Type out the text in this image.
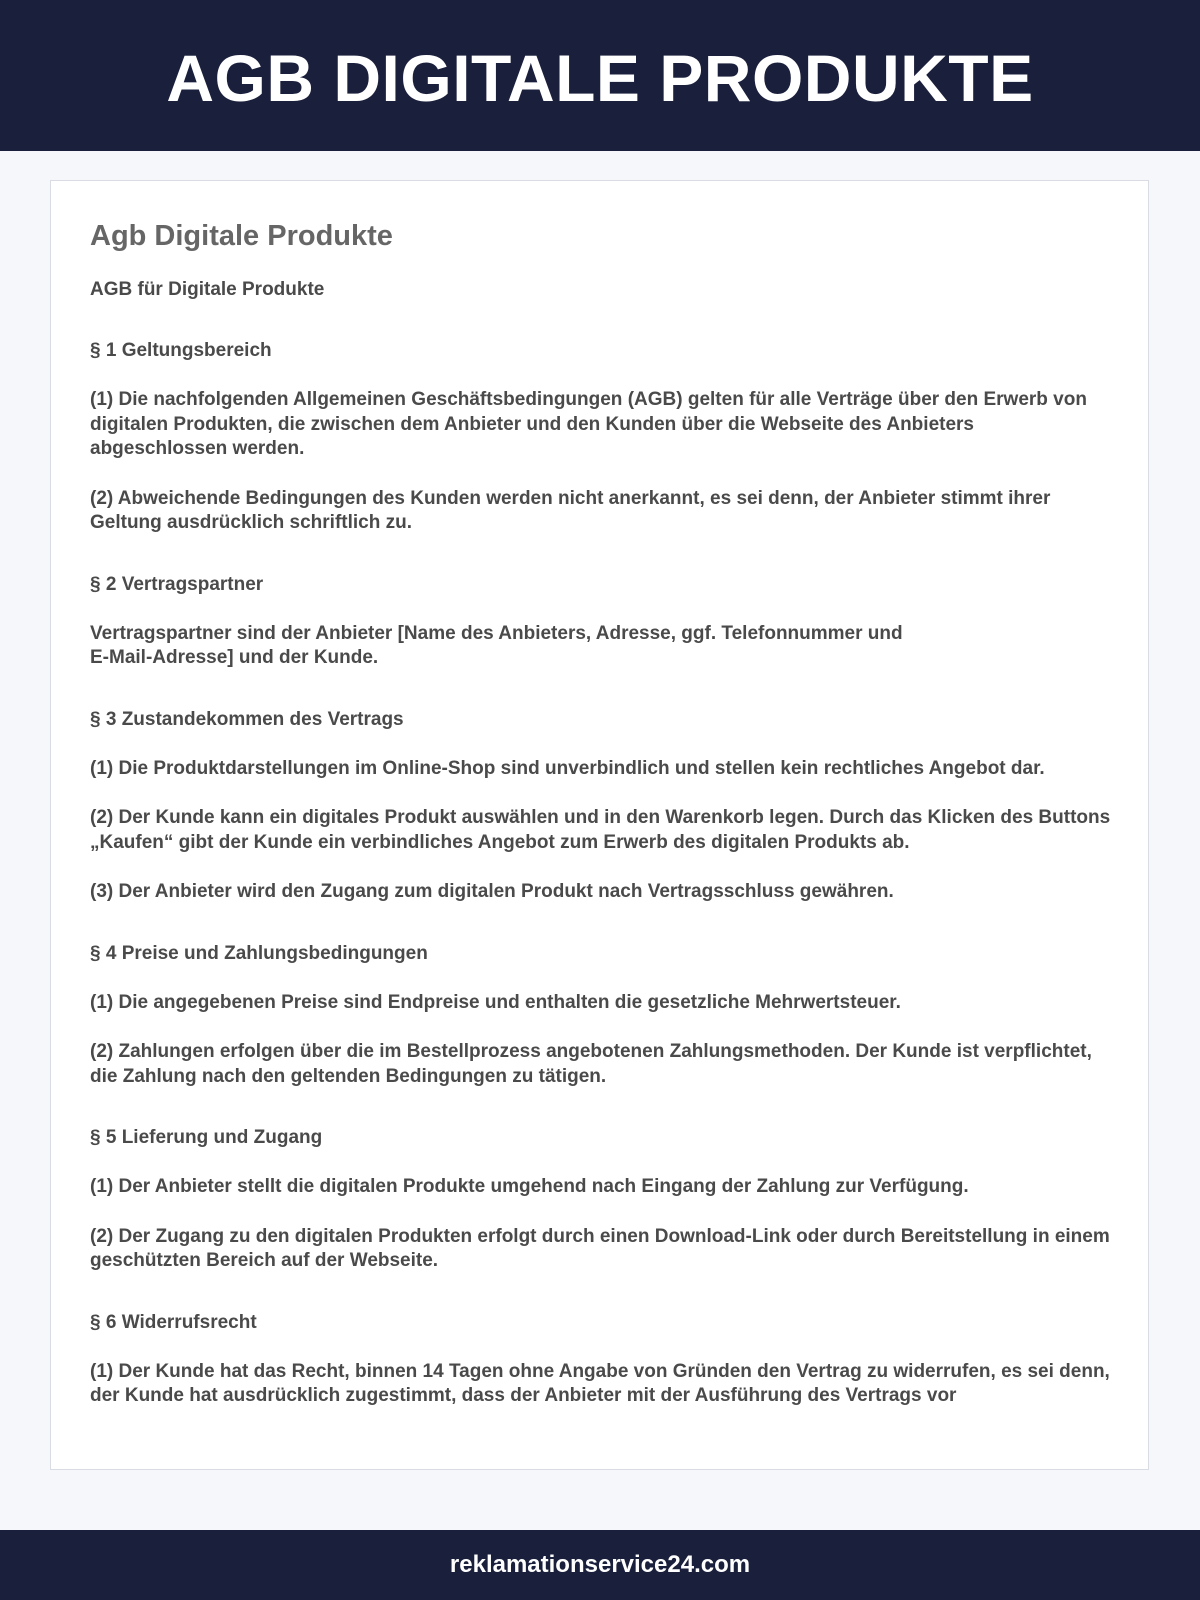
AGB DIGITALE PRODUKTE
Agb Digitale Produkte

AGB für Digitale Produkte

§ 1 Geltungsbereich

(1) Die nachfolgenden Allgemeinen Geschäftsbedingungen (AGB) gelten für alle Verträge über den Erwerb von digitalen Produkten, die zwischen dem Anbieter und den Kunden über die Webseite des Anbieters abgeschlossen werden.

(2) Abweichende Bedingungen des Kunden werden nicht anerkannt, es sei denn, der Anbieter stimmt ihrer Geltung ausdrücklich schriftlich zu.

§ 2 Vertragspartner

Vertragspartner sind der Anbieter [Name des Anbieters, Adresse, ggf. Telefonnummer und
E-Mail-Adresse] und der Kunde.

§ 3 Zustandekommen des Vertrags

(1) Die Produktdarstellungen im Online-Shop sind unverbindlich und stellen kein rechtliches Angebot dar.

(2) Der Kunde kann ein digitales Produkt auswählen und in den Warenkorb legen. Durch das Klicken des Buttons „Kaufen“ gibt der Kunde ein verbindliches Angebot zum Erwerb des digitalen Produkts ab.

(3) Der Anbieter wird den Zugang zum digitalen Produkt nach Vertragsschluss gewähren.

§ 4 Preise und Zahlungsbedingungen

(1) Die angegebenen Preise sind Endpreise und enthalten die gesetzliche Mehrwertsteuer.

(2) Zahlungen erfolgen über die im Bestellprozess angebotenen Zahlungsmethoden. Der Kunde ist verpflichtet, die Zahlung nach den geltenden Bedingungen zu tätigen.

§ 5 Lieferung und Zugang

(1) Der Anbieter stellt die digitalen Produkte umgehend nach Eingang der Zahlung zur Verfügung.

(2) Der Zugang zu den digitalen Produkten erfolgt durch einen Download-Link oder durch Bereitstellung in einem geschützten Bereich auf der Webseite.

§ 6 Widerrufsrecht

(1) Der Kunde hat das Recht, binnen 14 Tagen ohne Angabe von Gründen den Vertrag zu widerrufen, es sei denn, der Kunde hat ausdrücklich zugestimmt, dass der Anbieter mit der Ausführung des Vertrags vor

reklamationservice24.com
